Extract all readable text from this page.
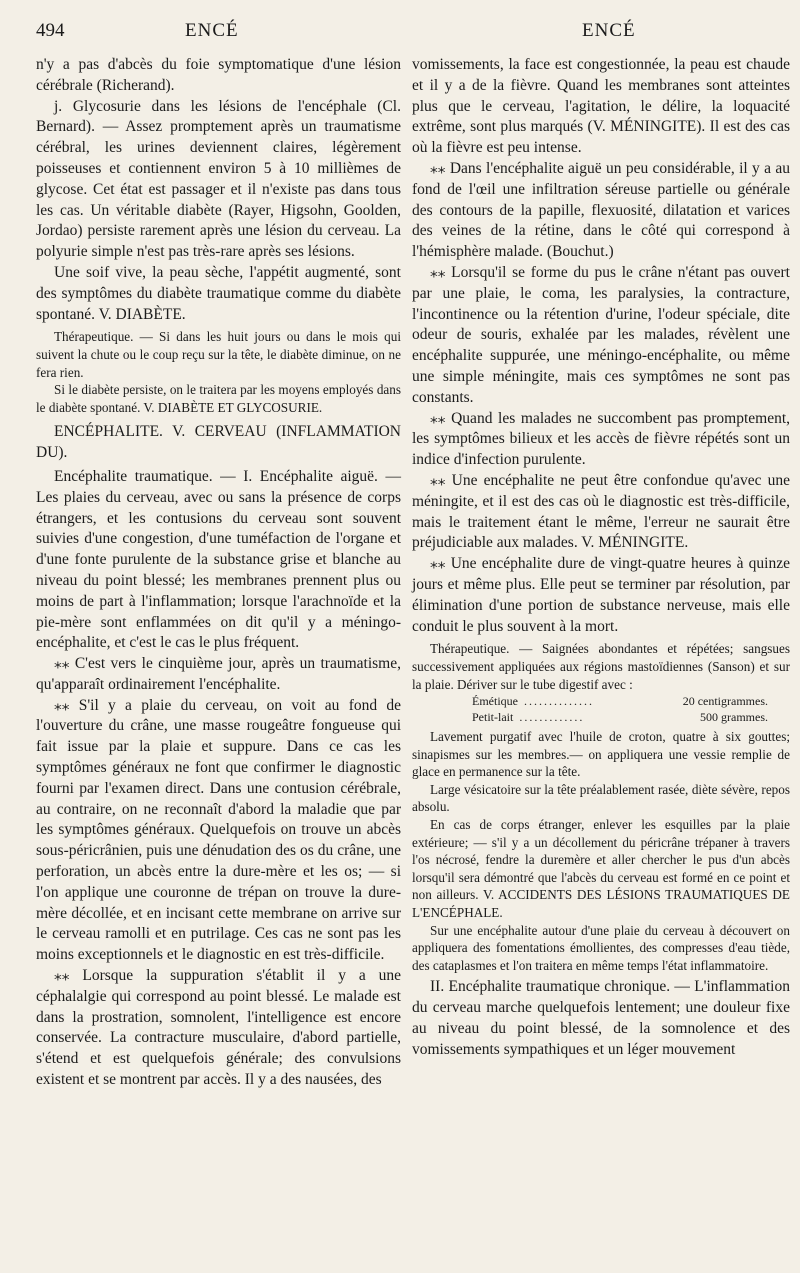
494	ENCÉ	ENCÉ

n'y a pas d'abcès du foie symptomatique d'une lésion cérébrale (Richerand).

j. Glycosurie dans les lésions de l'encéphale (Cl. Bernard). — Assez promptement après un traumatisme cérébral, les urines deviennent claires, légèrement poisseuses et contiennent environ 5 à 10 millièmes de glycose. Cet état est passager et il n'existe pas dans tous les cas. Un véritable diabète (Rayer, Higsohn, Goolden, Jordao) persiste rarement après une lésion du cerveau. La polyurie simple n'est pas très-rare après ses lésions.

Une soif vive, la peau sèche, l'appétit augmenté, sont des symptômes du diabète traumatique comme du diabète spontané. V. DIABÈTE.

Thérapeutique. — Si dans les huit jours ou dans le mois qui suivent la chute ou le coup reçu sur la tête, le diabète diminue, on ne fera rien.

Si le diabète persiste, on le traitera par les moyens employés dans le diabète spontané. V. DIABÈTE ET GLYCOSURIE.

ENCÉPHALITE. V. CERVEAU (INFLAMMATION DU).

Encéphalite traumatique. — I. Encéphalite aiguë. — Les plaies du cerveau, avec ou sans la présence de corps étrangers, et les contusions du cerveau sont souvent suivies d'une congestion, d'une tuméfaction de l'organe et d'une fonte purulente de la substance grise et blanche au niveau du point blessé; les membranes prennent plus ou moins de part à l'inflammation; lorsque l'arachnoïde et la pie-mère sont enflammées on dit qu'il y a méningo-encéphalite, et c'est le cas le plus fréquent.

⁎⁎ C'est vers le cinquième jour, après un traumatisme, qu'apparaît ordinairement l'encéphalite.

⁎⁎ S'il y a plaie du cerveau, on voit au fond de l'ouverture du crâne, une masse rougeâtre fongueuse qui fait issue par la plaie et suppure. Dans ce cas les symptômes généraux ne font que confirmer le diagnostic fourni par l'examen direct. Dans une contusion cérébrale, au contraire, on ne reconnaît d'abord la maladie que par les symptômes généraux. Quelquefois on trouve un abcès sous-péricrânien, puis une dénudation des os du crâne, une perforation, un abcès entre la dure-mère et les os; — si l'on applique une couronne de trépan on trouve la dure-mère décollée, et en incisant cette membrane on arrive sur le cerveau ramolli et en putrilage. Ces cas ne sont pas les moins exceptionnels et le diagnostic en est très-difficile.

⁎⁎ Lorsque la suppuration s'établit il y a une céphalalgie qui correspond au point blessé. Le malade est dans la prostration, somnolent, l'intelligence est encore conservée. La contracture musculaire, d'abord partielle, s'étend et est quelquefois générale; des convulsions existent et se montrent par accès. Il y a des nausées, des

vomissements, la face est congestionnée, la peau est chaude et il y a de la fièvre. Quand les membranes sont atteintes plus que le cerveau, l'agitation, le délire, la loquacité extrême, sont plus marqués (V. MÉNINGITE). Il est des cas où la fièvre est peu intense.

⁎⁎ Dans l'encéphalite aiguë un peu considérable, il y a au fond de l'œil une infiltration séreuse partielle ou générale des contours de la papille, flexuosité, dilatation et varices des veines de la rétine, dans le côté qui correspond à l'hémisphère malade. (Bouchut.)

⁎⁎ Lorsqu'il se forme du pus le crâne n'étant pas ouvert par une plaie, le coma, les paralysies, la contracture, l'incontinence ou la rétention d'urine, l'odeur spéciale, dite odeur de souris, exhalée par les malades, révèlent une encéphalite suppurée, une méningo-encéphalite, ou même une simple méningite, mais ces symptômes ne sont pas constants.

⁎⁎ Quand les malades ne succombent pas promptement, les symptômes bilieux et les accès de fièvre répétés sont un indice d'infection purulente.

⁎⁎ Une encéphalite ne peut être confondue qu'avec une méningite, et il est des cas où le diagnostic est très-difficile, mais le traitement étant le même, l'erreur ne saurait être préjudiciable aux malades. V. MÉNINGITE.

⁎⁎ Une encéphalite dure de vingt-quatre heures à quinze jours et même plus. Elle peut se terminer par résolution, par élimination d'une portion de substance nerveuse, mais elle conduit le plus souvent à la mort.

Thérapeutique. — Saignées abondantes et répétées; sangsues successivement appliquées aux régions mastoïdiennes (Sanson) et sur la plaie. Dériver sur le tube digestif avec :

Émétique ..............	20 centigrammes.
Petit-lait .............	500 grammes.

Lavement purgatif avec l'huile de croton, quatre à six gouttes; sinapismes sur les membres.— on appliquera une vessie remplie de glace en permanence sur la tête.

Large vésicatoire sur la tête préalablement rasée, diète sévère, repos absolu.

En cas de corps étranger, enlever les esquilles par la plaie extérieure; — s'il y a un décollement du péricrâne trépaner à travers l'os nécrosé, fendre la duremère et aller chercher le pus d'un abcès lorsqu'il sera démontré que l'abcès du cerveau est formé en ce point et non ailleurs. V. ACCIDENTS DES LÉSIONS TRAUMATIQUES DE L'ENCÉPHALE.

Sur une encéphalite autour d'une plaie du cerveau à découvert on appliquera des fomentations émollientes, des compresses d'eau tiède, des cataplasmes et l'on traitera en même temps l'état inflammatoire.

II. Encéphalite traumatique chronique. — L'inflammation du cerveau marche quelquefois lentement; une douleur fixe au niveau du point blessé, de la somnolence et des vomissements sympathiques et un léger mouvement
